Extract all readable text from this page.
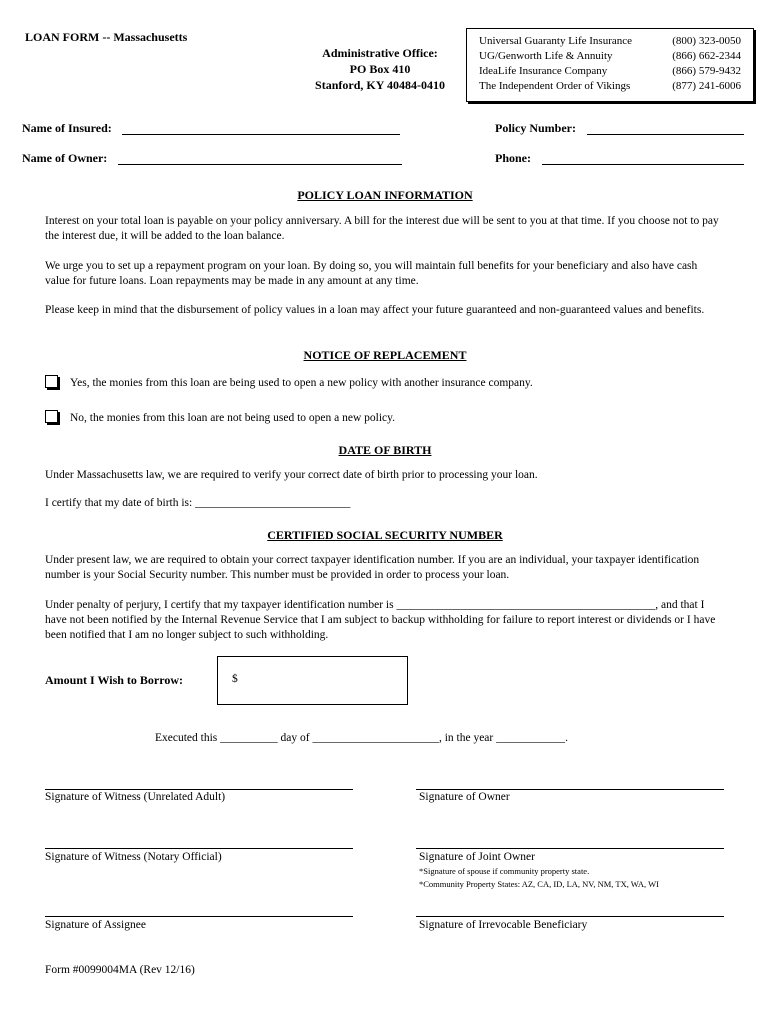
LOAN FORM -- Massachusetts
Administrative Office:
PO Box 410
Stanford, KY 40484-0410
Universal Guaranty Life Insurance	(800) 323-0050
UG/Genworth Life & Annuity	(866) 662-2344
IdeaLife Insurance Company	(866) 579-9432
The Independent Order of Vikings	(877) 241-6006
Name of Insured:	Policy Number:
Name of Owner:	Phone:
POLICY LOAN INFORMATION
Interest on your total loan is payable on your policy anniversary. A bill for the interest due will be sent to you at that time. If you choose not to pay the interest due, it will be added to the loan balance.
We urge you to set up a repayment program on your loan. By doing so, you will maintain full benefits for your beneficiary and also have cash value for future loans. Loan repayments may be made in any amount at any time.
Please keep in mind that the disbursement of policy values in a loan may affect your future guaranteed and non-guaranteed values and benefits.
NOTICE OF REPLACEMENT
Yes, the monies from this loan are being used to open a new policy with another insurance company.
No, the monies from this loan are not being used to open a new policy.
DATE OF BIRTH
Under Massachusetts law, we are required to verify your correct date of birth prior to processing your loan.
I certify that my date of birth is: ___________________________
CERTIFIED SOCIAL SECURITY NUMBER
Under present law, we are required to obtain your correct taxpayer identification number. If you are an individual, your taxpayer identification number is your Social Security number. This number must be provided in order to process your loan.
Under penalty of perjury, I certify that my taxpayer identification number is _____________________________________________, and that I have not been notified by the Internal Revenue Service that I am subject to backup withholding for failure to report interest or dividends or I have been notified that I am no longer subject to such withholding.
Amount I Wish to Borrow:	$
Executed this __________ day of ______________________, in the year ____________.
Signature of Witness (Unrelated Adult)	Signature of Owner
Signature of Witness (Notary Official)	Signature of Joint Owner
*Signature of spouse if community property state.
*Community Property States: AZ, CA, ID, LA, NV, NM, TX, WA, WI
Signature of Assignee	Signature of Irrevocable Beneficiary
Form #0099004MA (Rev 12/16)
